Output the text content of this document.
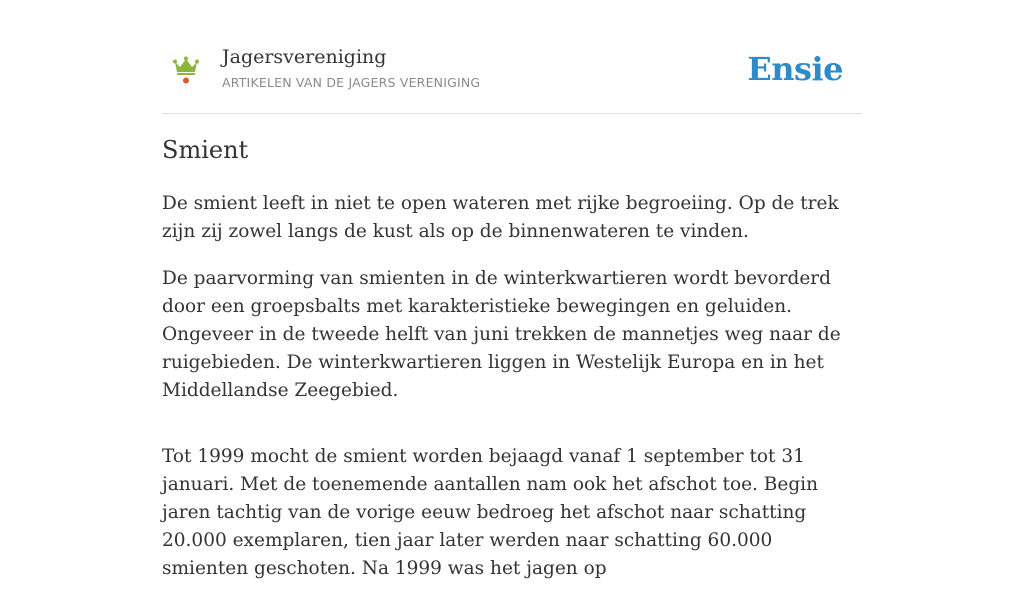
Jagersvereniging
ARTIKELEN VAN DE JAGERS VERENIGING	Ensie
Smient

De smient leeft in niet te open wateren met rijke begroeiing. Op de trek zijn zij zowel langs de kust als op de binnenwateren te vinden.

De paarvorming van smienten in de winterkwartieren wordt bevorderd door een groepsbalts met karakteristieke bewegingen en geluiden. Ongeveer in de tweede helft van juni trekken de mannetjes weg naar de ruigebieden. De winterkwartieren liggen in Westelijk Europa en in het Middellandse Zeegebied.

Tot 1999 mocht de smient worden bejaagd vanaf 1 september tot 31 januari. Met de toenemende aantallen nam ook het afschot toe. Begin jaren tachtig van de vorige eeuw bedroeg het afschot naar schatting 20.000 exemplaren, tien jaar later werden naar schatting 60.000 smienten geschoten. Na 1999 was het jagen op
